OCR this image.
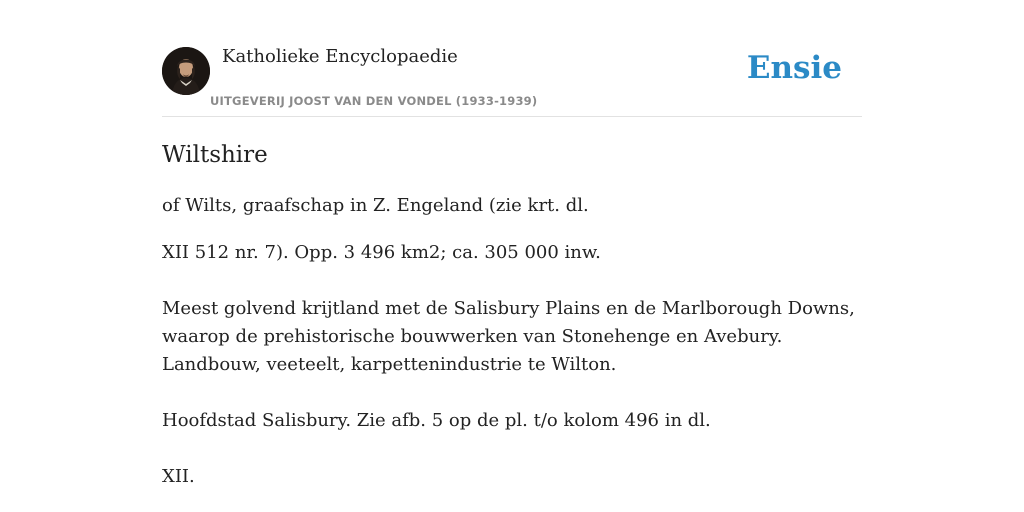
Katholieke Encyclopaedie
UITGEVERIJ JOOST VAN DEN VONDEL (1933-1939)
Ensie
Wiltshire

of Wilts, graafschap in Z. Engeland (zie krt. dl.

XII 512 nr. 7). Opp. 3 496 km2; ca. 305 000 inw.

Meest golvend krijtland met de Salisbury Plains en de Marlborough Downs, waarop de prehistorische bouwwerken van Stonehenge en Avebury. Landbouw, veeteelt, karpettenindustrie te Wilton.

Hoofdstad Salisbury. Zie afb. 5 op de pl. t/o kolom 496 in dl.

XII.
